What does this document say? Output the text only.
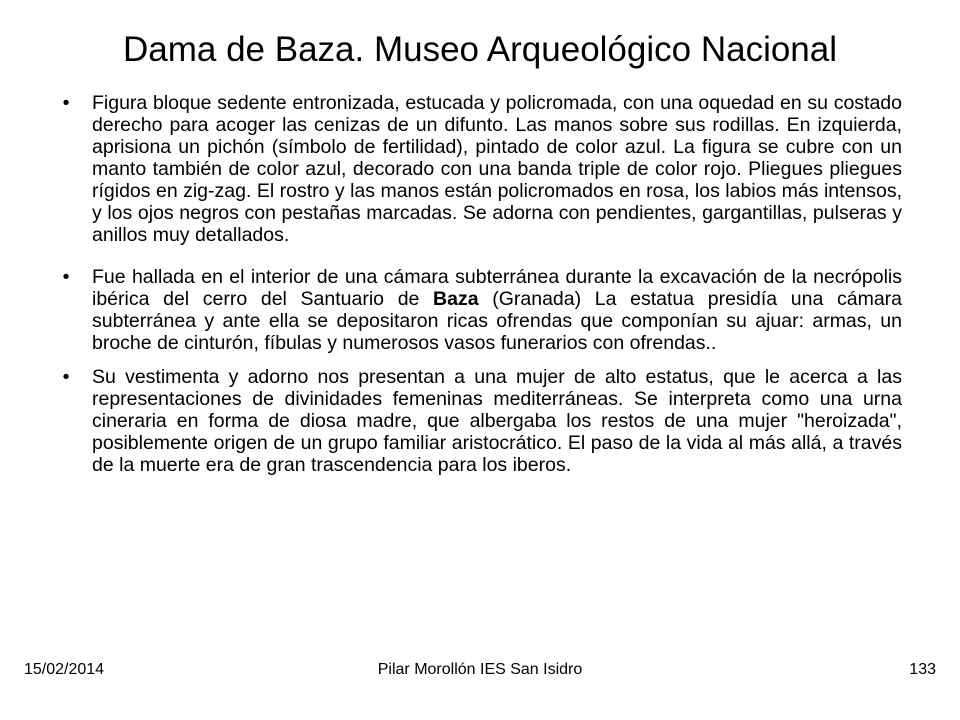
Dama de Baza. Museo Arqueológico Nacional
•	Figura bloque sedente entronizada, estucada y policromada, con una oquedad en su costado derecho para acoger las cenizas de un difunto. Las manos sobre sus rodillas. En izquierda, aprisiona un pichón (símbolo de fertilidad), pintado de color azul. La figura se cubre con un manto también de color azul, decorado con una banda triple de color rojo. Pliegues pliegues rígidos en zig-zag. El rostro y las manos están policromados en rosa, los labios más intensos, y los ojos negros con pestañas marcadas. Se adorna con pendientes, gargantillas, pulseras y anillos muy detallados.
•	Fue hallada en el interior de una cámara subterránea durante la excavación de la necrópolis ibérica del cerro del Santuario de Baza (Granada) La estatua presidía una cámara subterránea y ante ella se depositaron ricas ofrendas que componían su ajuar: armas, un broche de cinturón, fíbulas y numerosos vasos funerarios con ofrendas..
•	Su vestimenta y adorno nos presentan a una mujer de alto estatus, que le acerca a las representaciones de divinidades femeninas mediterráneas. Se interpreta como una urna cineraria en forma de diosa madre, que albergaba los restos de una mujer "heroizada", posiblemente origen de un grupo familiar aristocrático. El paso de la vida al más allá, a través de la muerte era de gran trascendencia para los iberos.
15/02/2014	Pilar Morollón IES San Isidro	133
